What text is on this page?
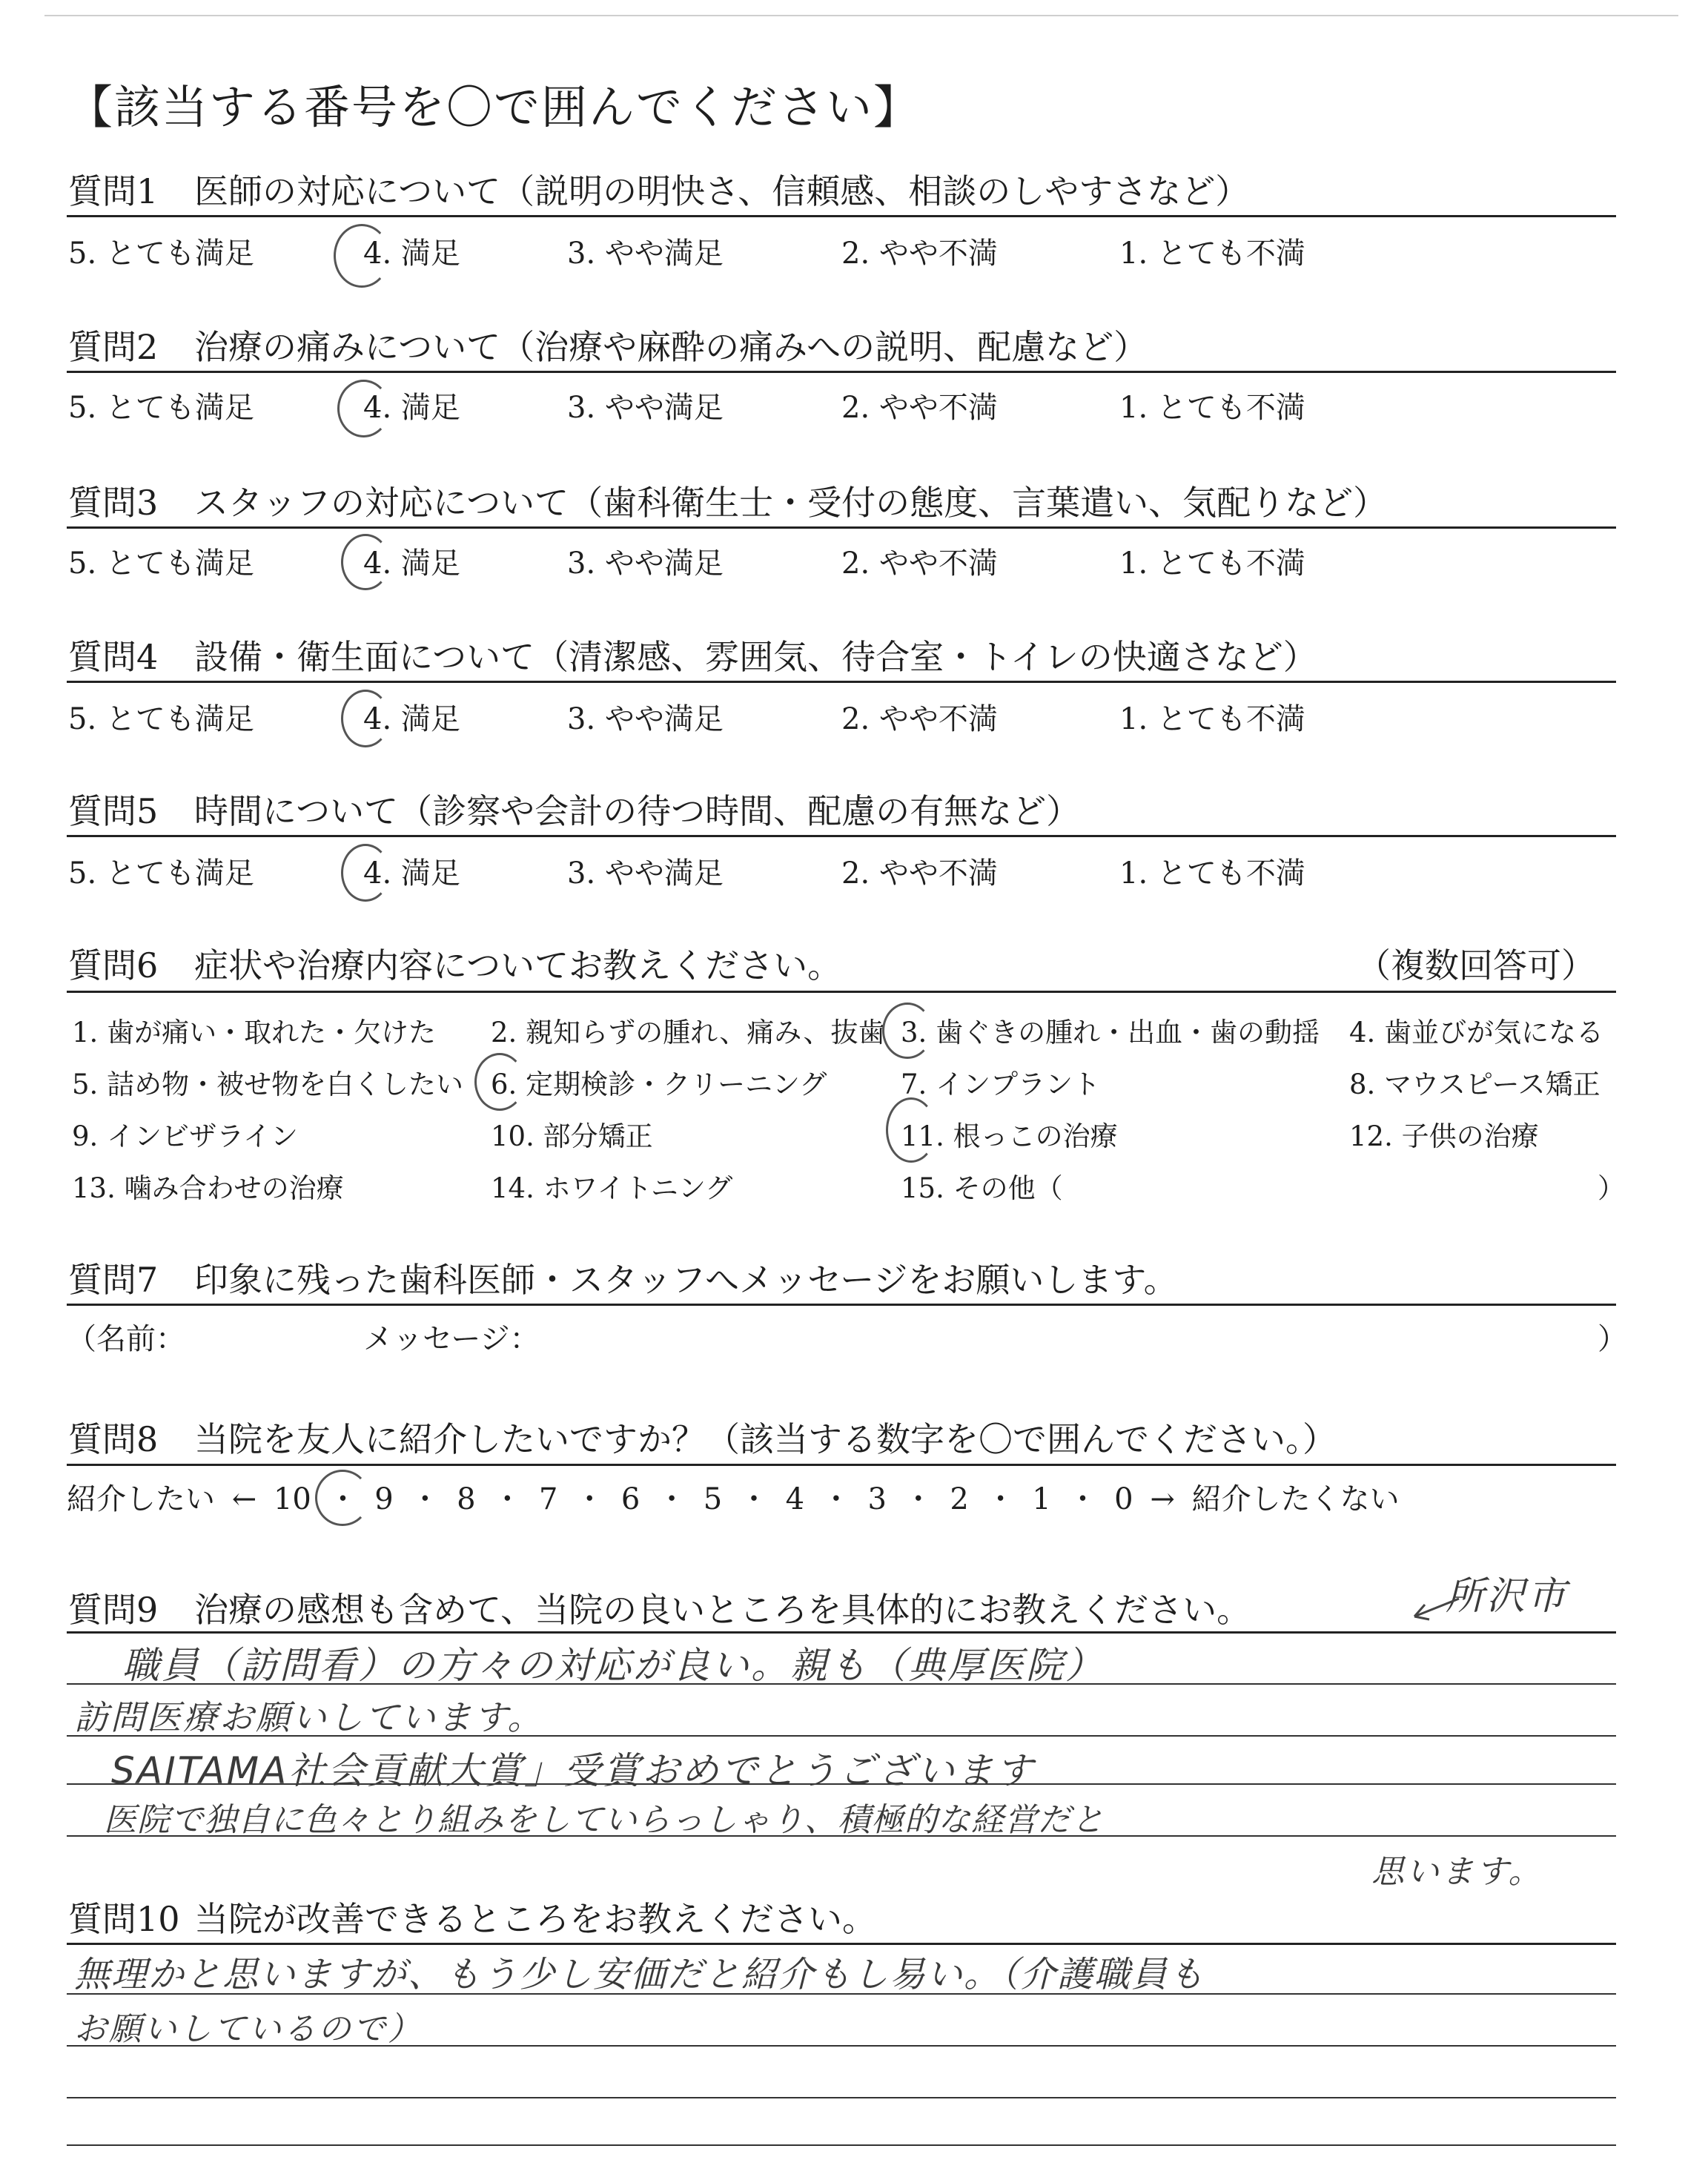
【該当する番号を〇で囲んでください】
質問1 医師の対応について（説明の明快さ、信頼感、相談のしやすさなど）
5. とても満足	4. 満足	3. やや満足	2. やや不満	1. とても不満
質問2 治療の痛みについて（治療や麻酔の痛みへの説明、配慮など）
5. とても満足	4. 満足	3. やや満足	2. やや不満	1. とても不満
質問3 スタッフの対応について（歯科衛生士・受付の態度、言葉遣い、気配りなど）
5. とても満足	4. 満足	3. やや満足	2. やや不満	1. とても不満
質問4 設備・衛生面について（清潔感、雰囲気、待合室・トイレの快適さなど）
5. とても満足	4. 満足	3. やや満足	2. やや不満	1. とても不満
質問5 時間について（診察や会計の待つ時間、配慮の有無など）
5. とても満足	4. 満足	3. やや満足	2. やや不満	1. とても不満
質問6 症状や治療内容についてお教えください。	（複数回答可）
1. 歯が痛い・取れた・欠けた 2. 親知らずの腫れ、痛み、抜歯 3. 歯ぐきの腫れ・出血・歯の動揺 4. 歯並びが気になる
5. 詰め物・被せ物を白くしたい 6. 定期検診・クリーニング	7. インプラント	8. マウスピース矯正
9. インビザライン	10. 部分矯正	11. 根っこの治療	12. 子供の治療
13. 噛み合わせの治療	14. ホワイトニング	15. その他（	）
質問7 印象に残った歯科医師・スタッフへメッセージをお願いします。
（名前：	メッセージ：	）
質問8 当院を友人に紹介したいですか？（該当する数字を〇で囲んでください。）
紹介したい ← 10 ・ 9 ・ 8 ・ 7 ・ 6 ・ 5 ・ 4 ・ 3 ・ 2 ・ 1 ・ 0 → 紹介したくない
質問9 治療の感想も含めて、当院の良いところを具体的にお教えください。	所沢市
職員（訪問看）の方々の対応が良い。親も（典厚医院）
訪問医療お願いしています。
SAITAMA社会貢献大賞」受賞おめでとうございます
医院で独自に色々とり組みをしていらっしゃり、積極的な経営だと
思います。
質問10 当院が改善できるところをお教えください。
無理かと思いますが、もう少し安価だと紹介もし易い。（介護職員も
お願いしているので）
